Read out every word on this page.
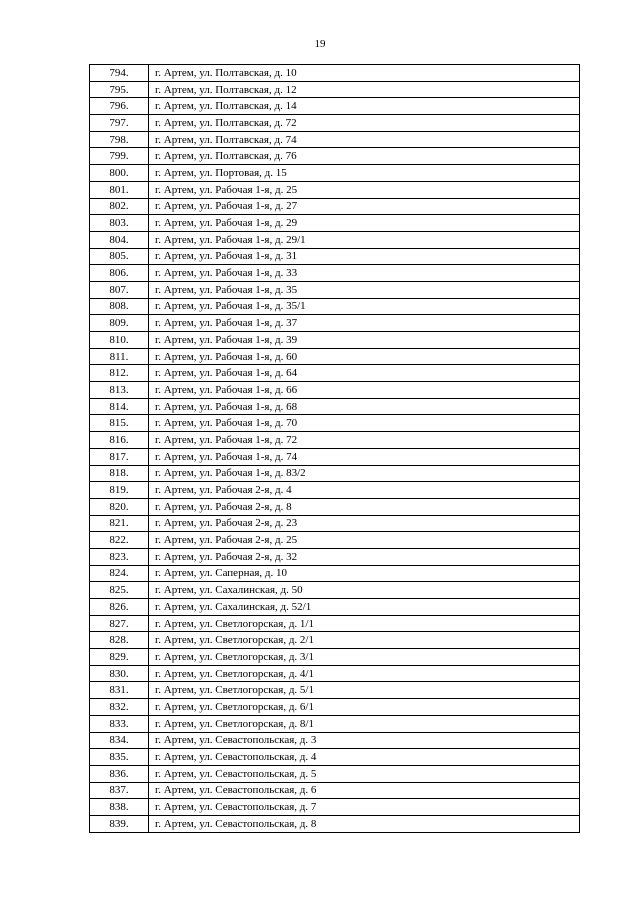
19
794.	г. Артем, ул. Полтавская, д. 10
795.	г. Артем, ул. Полтавская, д. 12
796.	г. Артем, ул. Полтавская, д. 14
797.	г. Артем, ул. Полтавская, д. 72
798.	г. Артем, ул. Полтавская, д. 74
799.	г. Артем, ул. Полтавская, д. 76
800.	г. Артем, ул. Портовая, д. 15
801.	г. Артем, ул. Рабочая 1-я, д. 25
802.	г. Артем, ул. Рабочая 1-я, д. 27
803.	г. Артем, ул. Рабочая 1-я, д. 29
804.	г. Артем, ул. Рабочая 1-я, д. 29/1
805.	г. Артем, ул. Рабочая 1-я, д. 31
806.	г. Артем, ул. Рабочая 1-я, д. 33
807.	г. Артем, ул. Рабочая 1-я, д. 35
808.	г. Артем, ул. Рабочая 1-я, д. 35/1
809.	г. Артем, ул. Рабочая 1-я, д. 37
810.	г. Артем, ул. Рабочая 1-я, д. 39
811.	г. Артем, ул. Рабочая 1-я, д. 60
812.	г. Артем, ул. Рабочая 1-я, д. 64
813.	г. Артем, ул. Рабочая 1-я, д. 66
814.	г. Артем, ул. Рабочая 1-я, д. 68
815.	г. Артем, ул. Рабочая 1-я, д. 70
816.	г. Артем, ул. Рабочая 1-я, д. 72
817.	г. Артем, ул. Рабочая 1-я, д. 74
818.	г. Артем, ул. Рабочая 1-я, д. 83/2
819.	г. Артем, ул. Рабочая 2-я, д. 4
820.	г. Артем, ул. Рабочая 2-я, д. 8
821.	г. Артем, ул. Рабочая 2-я, д. 23
822.	г. Артем, ул. Рабочая 2-я, д. 25
823.	г. Артем, ул. Рабочая 2-я, д. 32
824.	г. Артем, ул. Саперная, д. 10
825.	г. Артем, ул. Сахалинская, д. 50
826.	г. Артем, ул. Сахалинская, д. 52/1
827.	г. Артем, ул. Светлогорская, д. 1/1
828.	г. Артем, ул. Светлогорская, д. 2/1
829.	г. Артем, ул. Светлогорская, д. 3/1
830.	г. Артем, ул. Светлогорская, д. 4/1
831.	г. Артем, ул. Светлогорская, д. 5/1
832.	г. Артем, ул. Светлогорская, д. 6/1
833.	г. Артем, ул. Светлогорская, д. 8/1
834.	г. Артем, ул. Севастопольская, д. 3
835.	г. Артем, ул. Севастопольская, д. 4
836.	г. Артем, ул. Севастопольская, д. 5
837.	г. Артем, ул. Севастопольская, д. 6
838.	г. Артем, ул. Севастопольская, д. 7
839.	г. Артем, ул. Севастопольская, д. 8
